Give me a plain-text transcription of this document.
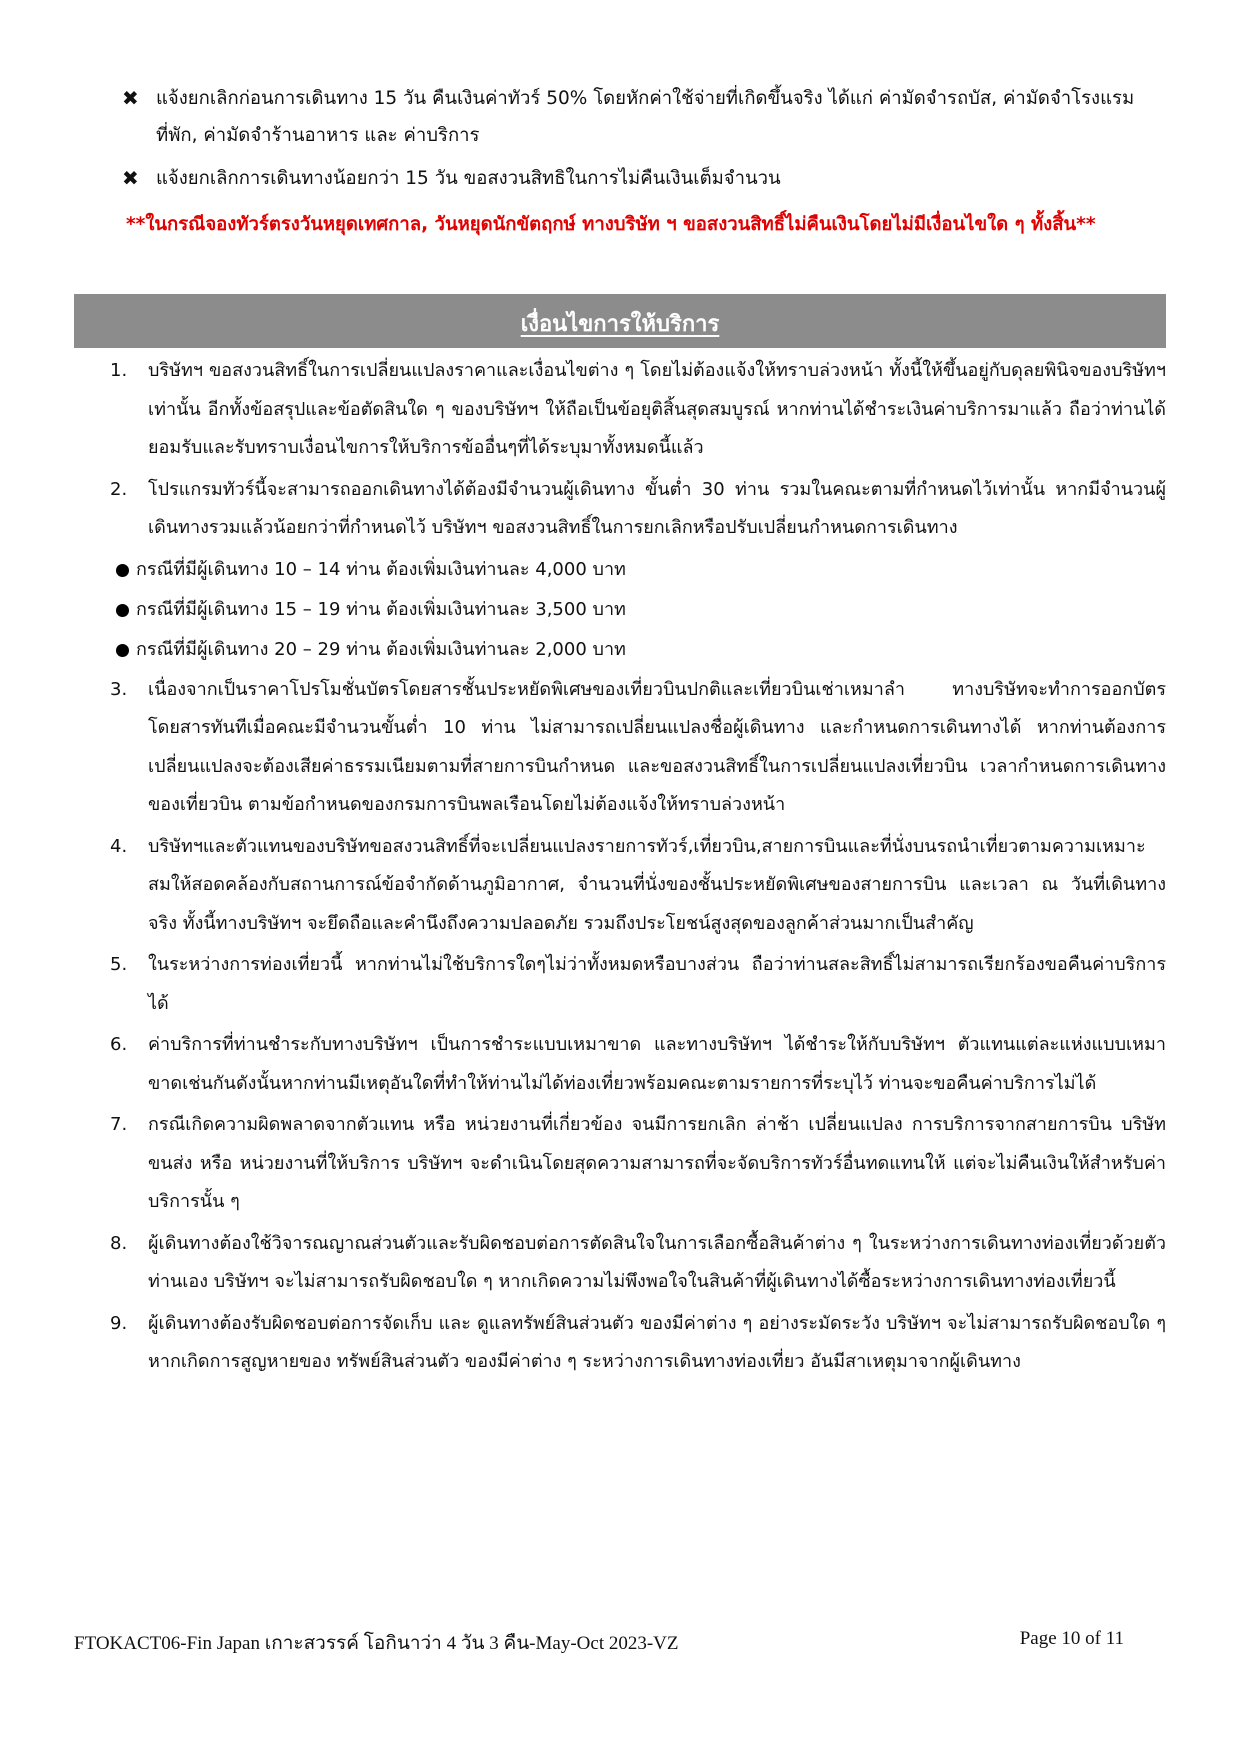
✖ แจ้งยกเลิกก่อนการเดินทาง 15 วัน คืนเงินค่าทัวร์ 50% โดยหักค่าใช้จ่ายที่เกิดขึ้นจริง ได้แก่ ค่ามัดจำรถบัส, ค่ามัดจำโรงแรมที่พัก, ค่ามัดจำร้านอาหาร และ ค่าบริการ
✖ แจ้งยกเลิกการเดินทางน้อยกว่า 15 วัน ขอสงวนสิทธิในการไม่คืนเงินเต็มจำนวน
**ในกรณีจองทัวร์ตรงวันหยุดเทศกาล, วันหยุดนักขัตฤกษ์ ทางบริษัท ฯ ขอสงวนสิทธิ์ไม่คืนเงินโดยไม่มีเงื่อนไขใด ๆ ทั้งสิ้น**
เงื่อนไขการให้บริการ
1. บริษัทฯ ขอสงวนสิทธิ์ในการเปลี่ยนแปลงราคาและเงื่อนไขต่าง ๆ โดยไม่ต้องแจ้งให้ทราบล่วงหน้า ทั้งนี้ให้ขึ้นอยู่กับดุลยพินิจของบริษัทฯ เท่านั้น อีกทั้งข้อสรุปและข้อตัดสินใด ๆ ของบริษัทฯ ให้ถือเป็นข้อยุติสิ้นสุดสมบูรณ์ หากท่านได้ชำระเงินค่าบริการมาแล้ว ถือว่าท่านได้ยอมรับและรับทราบเงื่อนไขการให้บริการข้ออื่นๆที่ได้ระบุมาทั้งหมดนี้แล้ว
2. โปรแกรมทัวร์นี้จะสามารถออกเดินทางได้ต้องมีจำนวนผู้เดินทาง ขั้นต่ำ 30 ท่าน รวมในคณะตามที่กำหนดไว้เท่านั้น หากมีจำนวนผู้เดินทางรวมแล้วน้อยกว่าที่กำหนดไว้ บริษัทฯ ขอสงวนสิทธิ์ในการยกเลิกหรือปรับเปลี่ยนกำหนดการเดินทาง
กรณีที่มีผู้เดินทาง 10 – 14 ท่าน ต้องเพิ่มเงินท่านละ 4,000 บาท
กรณีที่มีผู้เดินทาง 15 – 19 ท่าน ต้องเพิ่มเงินท่านละ 3,500 บาท
กรณีที่มีผู้เดินทาง 20 – 29 ท่าน ต้องเพิ่มเงินท่านละ 2,000 บาท
3. เนื่องจากเป็นราคาโปรโมชั่นบัตรโดยสารชั้นประหยัดพิเศษของเที่ยวบินปกติและเที่ยวบินเช่าเหมาลำ ทางบริษัทจะทำการออกบัตรโดยสารทันทีเมื่อคณะมีจำนวนขั้นต่ำ 10 ท่าน ไม่สามารถเปลี่ยนแปลงชื่อผู้เดินทาง และกำหนดการเดินทางได้ หากท่านต้องการเปลี่ยนแปลงจะต้องเสียค่าธรรมเนียมตามที่สายการบินกำหนด และขอสงวนสิทธิ์ในการเปลี่ยนแปลงเที่ยวบิน เวลากำหนดการเดินทางของเที่ยวบิน ตามข้อกำหนดของกรมการบินพลเรือนโดยไม่ต้องแจ้งให้ทราบล่วงหน้า
4. บริษัทฯและตัวแทนของบริษัทขอสงวนสิทธิ์ที่จะเปลี่ยนแปลงรายการทัวร์,เที่ยวบิน,สายการบินและที่นั่งบนรถนำเที่ยวตามความเหมาะสมให้สอดคล้องกับสถานการณ์ข้อจำกัดด้านภูมิอากาศ, จำนวนที่นั่งของชั้นประหยัดพิเศษของสายการบิน และเวลา ณ วันที่เดินทางจริง ทั้งนี้ทางบริษัทฯ จะยึดถือและคำนึงถึงความปลอดภัย รวมถึงประโยชน์สูงสุดของลูกค้าส่วนมากเป็นสำคัญ
5. ในระหว่างการท่องเที่ยวนี้ หากท่านไม่ใช้บริการใดๆไม่ว่าทั้งหมดหรือบางส่วน ถือว่าท่านสละสิทธิ์ไม่สามารถเรียกร้องขอคืนค่าบริการได้
6. ค่าบริการที่ท่านชำระกับทางบริษัทฯ เป็นการชำระแบบเหมาขาด และทางบริษัทฯ ได้ชำระให้กับบริษัทฯ ตัวแทนแต่ละแห่งแบบเหมาขาดเช่นกันดังนั้นหากท่านมีเหตุอันใดที่ทำให้ท่านไม่ได้ท่องเที่ยวพร้อมคณะตามรายการที่ระบุไว้ ท่านจะขอคืนค่าบริการไม่ได้
7. กรณีเกิดความผิดพลาดจากตัวแทน หรือ หน่วยงานที่เกี่ยวข้อง จนมีการยกเลิก ล่าช้า เปลี่ยนแปลง การบริการจากสายการบิน บริษัทขนส่ง หรือ หน่วยงานที่ให้บริการ บริษัทฯ จะดำเนินโดยสุดความสามารถที่จะจัดบริการทัวร์อื่นทดแทนให้ แต่จะไม่คืนเงินให้สำหรับค่าบริการนั้น ๆ
8. ผู้เดินทางต้องใช้วิจารณญาณส่วนตัวและรับผิดชอบต่อการตัดสินใจในการเลือกซื้อสินค้าต่าง ๆ ในระหว่างการเดินทางท่องเที่ยวด้วยตัวท่านเอง บริษัทฯ จะไม่สามารถรับผิดชอบใด ๆ หากเกิดความไม่พึงพอใจในสินค้าที่ผู้เดินทางได้ซื้อระหว่างการเดินทางท่องเที่ยวนี้
9. ผู้เดินทางต้องรับผิดชอบต่อการจัดเก็บ และ ดูแลทรัพย์สินส่วนตัว ของมีค่าต่าง ๆ อย่างระมัดระวัง บริษัทฯ จะไม่สามารถรับผิดชอบใด ๆ หากเกิดการสูญหายของ ทรัพย์สินส่วนตัว ของมีค่าต่าง ๆ ระหว่างการเดินทางท่องเที่ยว อันมีสาเหตุมาจากผู้เดินทาง
FTOKACT06-Fin Japan เกาะสวรรค์ โอกินาว่า 4 วัน 3 คืน-May-Oct 2023-VZ	Page 10 of 11
